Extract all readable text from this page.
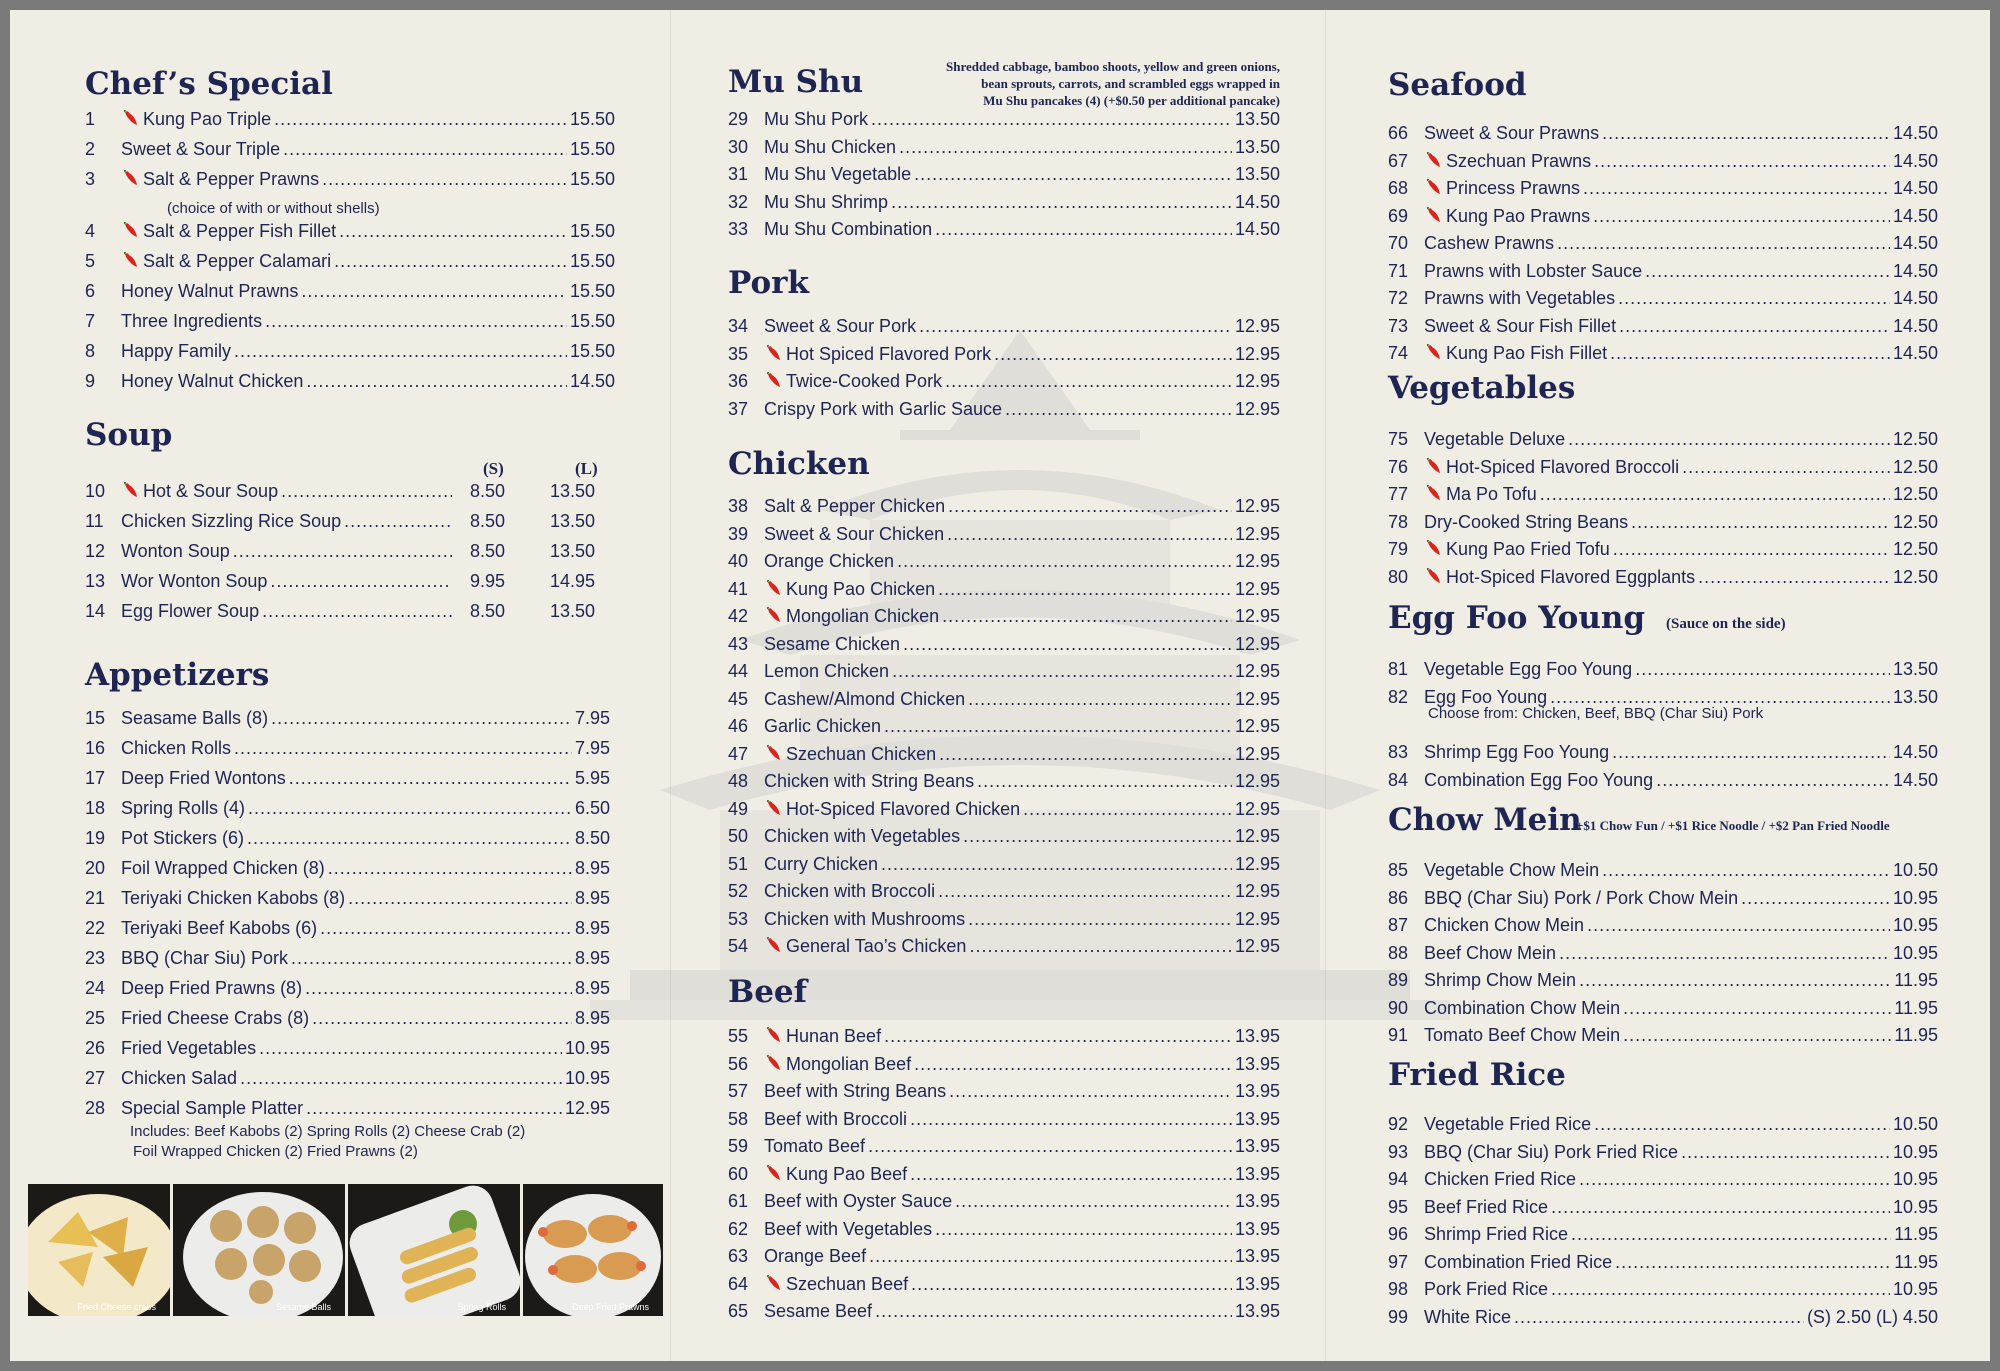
Chef’s Special
1	Kung Pao Triple .....	15.50
2	Sweet & Sour Triple .....	15.50
3	Salt & Pepper Prawns .....	15.50
4	Salt & Pepper Fish Fillet .....	15.50
5	Salt & Pepper Calamari .....	15.50
6	Honey Walnut Prawns .....	15.50
7	Three Ingredients .....	15.50
8	Happy Family .....	15.50
9	Honey Walnut Chicken .....	14.50
(choice of with or without shells)
Soup
(S)	(L)
10	Hot & Sour Soup .....	8.50	13.50
11 Chicken Sizzling Rice Soup .....	8.50	13.50
12 Wonton Soup .....	8.50	13.50
13 Wor Wonton Soup .....	9.95	14.95
14 Egg Flower Soup .....	8.50	13.50
Appetizers
15 Seasame Balls (8) .....	7.95
16 Chicken Rolls .....	7.95
17 Deep Fried Wontons .....	5.95
18 Spring Rolls (4) .....	6.50
19 Pot Stickers (6) .....	8.50
20 Foil Wrapped Chicken (8) .....	8.95
21 Teriyaki Chicken Kabobs (8) .....	8.95
22 Teriyaki Beef Kabobs (6) .....	8.95
23 BBQ (Char Siu) Pork .....	8.95
24 Deep Fried Prawns (8) .....	8.95
25 Fried Cheese Crabs (8) .....	8.95
26 Fried Vegetables .....	10.95
27 Chicken Salad .....	10.95
28 Special Sample Platter .....	12.95
Includes: Beef Kabobs (2) Spring Rolls (2) Cheese Crab (2)
Foil Wrapped Chicken (2) Fried Prawns (2)
Fried Cheese crabs	Sesame Balls	Spring Rolls	Deep Fried Prawns
Mu Shu	Shredded cabbage, bamboo shoots, yellow and green onions,
bean sprouts, carrots, and scrambled eggs wrapped in
Mu Shu pancakes (4) (+$0.50 per additional pancake)
29 Mu Shu Pork .....	13.50
30 Mu Shu Chicken .....	13.50
31 Mu Shu Vegetable .....	13.50
32 Mu Shu Shrimp .....	14.50
33 Mu Shu Combination .....	14.50
Pork
34 Sweet & Sour Pork .....	12.95
35	Hot Spiced Flavored Pork .....	12.95
36	Twice-Cooked Pork .....	12.95
37 Crispy Pork with Garlic Sauce .....	12.95
Chicken
38 Salt & Pepper Chicken .....	12.95
39 Sweet & Sour Chicken .....	12.95
40 Orange Chicken .....	12.95
41	Kung Pao Chicken .....	12.95
42	Mongolian Chicken .....	12.95
43 Sesame Chicken .....	12.95
44 Lemon Chicken .....	12.95
45 Cashew/Almond Chicken .....	12.95
46 Garlic Chicken .....	12.95
47	Szechuan Chicken .....	12.95
48 Chicken with String Beans .....	12.95
49	Hot-Spiced Flavored Chicken .....	12.95
50 Chicken with Vegetables .....	12.95
51 Curry Chicken .....	12.95
52 Chicken with Broccoli .....	12.95
53 Chicken with Mushrooms .....	12.95
54	General Tao’s Chicken .....	12.95
Beef
55	Hunan Beef .....	13.95
56	Mongolian Beef .....	13.95
57 Beef with String Beans .....	13.95
58 Beef with Broccoli .....	13.95
59 Tomato Beef .....	13.95
60	Kung Pao Beef .....	13.95
61 Beef with Oyster Sauce .....	13.95
62 Beef with Vegetables .....	13.95
63 Orange Beef .....	13.95
64	Szechuan Beef .....	13.95
65 Sesame Beef .....	13.95
Seafood
66 Sweet & Sour Prawns .....	14.50
67	Szechuan Prawns .....	14.50
68	Princess Prawns .....	14.50
69	Kung Pao Prawns .....	14.50
70 Cashew Prawns .....	14.50
71 Prawns with Lobster Sauce .....	14.50
72 Prawns with Vegetables .....	14.50
73 Sweet & Sour Fish Fillet .....	14.50
74	Kung Pao Fish Fillet .....	14.50
Vegetables
75 Vegetable Deluxe .....	12.50
76	Hot-Spiced Flavored Broccoli .....	12.50
77	Ma Po Tofu .....	12.50
78 Dry-Cooked String Beans .....	12.50
79	Kung Pao Fried Tofu .....	12.50
80	Hot-Spiced Flavored Eggplants .....	12.50
Egg Foo Young (Sauce on the side)
81 Vegetable Egg Foo Young .....	13.50
82 Egg Foo Young .....	13.50
83 Shrimp Egg Foo Young .....	14.50
84 Combination Egg Foo Young .....	14.50
Choose from: Chicken, Beef, BBQ (Char Siu) Pork
Chow Mein
+$1 Chow Fun / +$1 Rice Noodle / +$2 Pan Fried Noodle
85 Vegetable Chow Mein .....	10.50
86 BBQ (Char Siu) Pork / Pork Chow Mein .....	10.95
87 Chicken Chow Mein .....	10.95
88 Beef Chow Mein .....	10.95
89 Shrimp Chow Mein .....	11.95
90 Combination Chow Mein .....	11.95
91 Tomato Beef Chow Mein .....	11.95
Fried Rice
92 Vegetable Fried Rice .....	10.50
93 BBQ (Char Siu) Pork Fried Rice .....	10.95
94 Chicken Fried Rice .....	10.95
95 Beef Fried Rice .....	10.95
96 Shrimp Fried Rice .....	11.95
97 Combination Fried Rice .....	11.95
98 Pork Fried Rice .....	10.95
99 White Rice .....	(S) 2.50 (L) 4.50
